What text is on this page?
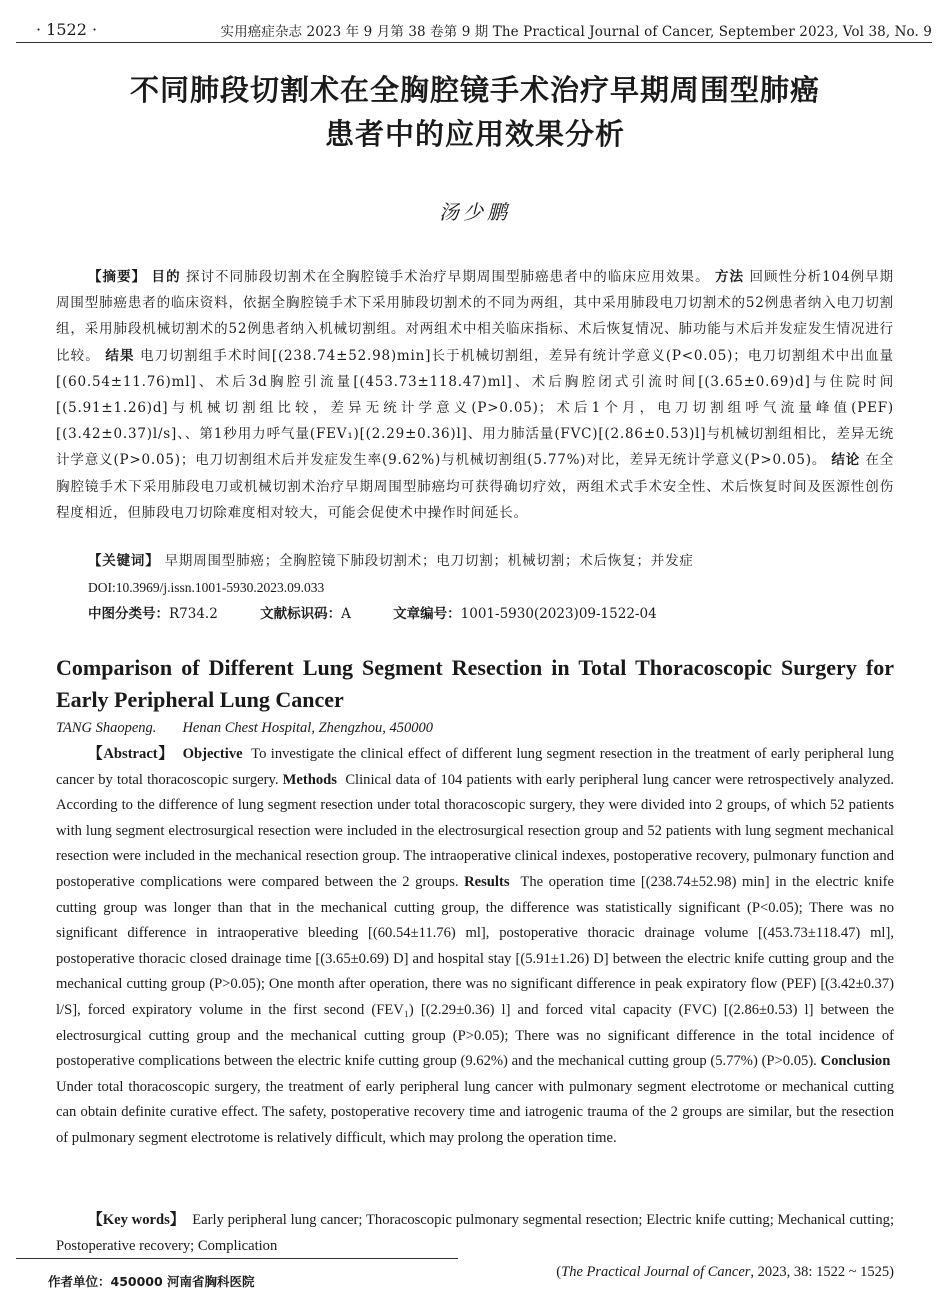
· 1522 ·	实用癌症杂志 2023 年 9 月第 38 卷第 9 期 The Practical Journal of Cancer, September 2023, Vol 38, No. 9
不同肺段切割术在全胸腔镜手术治疗早期周围型肺癌
患者中的应用效果分析
汤少鹏
【摘要】 目的 探讨不同肺段切割术在全胸腔镜手术治疗早期周围型肺癌患者中的临床应用效果。 方法 回顾性分析104例早期周围型肺癌患者的临床资料，依据全胸腔镜手术下采用肺段切割术的不同为两组，其中采用肺段电刀切割术的52例患者纳入电刀切割组，采用肺段机械切割术的52例患者纳入机械切割组。对两组术中相关临床指标、术后恢复情况、肺功能与术后并发症发生情况进行比较。 结果 电刀切割组手术时间[(238.74±52.98)min]长于机械切割组，差异有统计学意义(P<0.05)；电刀切割组术中出血量[(60.54±11.76)ml]、术后3d胸腔引流量[(453.73±118.47)ml]、术后胸腔闭式引流时间[(3.65±0.69)d]与住院时间[(5.91±1.26)d]与机械切割组比较，差异无统计学意义(P>0.05)；术后1个月，电刀切割组呼气流量峰值(PEF)[(3.42±0.37)l/s]、、第1秒用力呼气量(FEV₁)[(2.29±0.36)l]、用力肺活量(FVC)[(2.86±0.53)l]与机械切割组相比，差异无统计学意义(P>0.05)；电刀切割组术后并发症发生率(9.62%)与机械切割组(5.77%)对比，差异无统计学意义(P>0.05)。 结论 在全胸腔镜手术下采用肺段电刀或机械切割术治疗早期周围型肺癌均可获得确切疗效，两组术式手术安全性、术后恢复时间及医源性创伤程度相近，但肺段电刀切除难度相对较大，可能会促使术中操作时间延长。
【关键词】 早期周围型肺癌；全胸腔镜下肺段切割术；电刀切割；机械切割；术后恢复；并发症
DOI:10.3969/j.issn.1001-5930.2023.09.033
中图分类号：R734.2	文献标识码：A	文章编号：1001-5930(2023)09-1522-04
Comparison of Different Lung Segment Resection in Total Thoracoscopic Surgery for Early Peripheral Lung Cancer
TANG Shaopeng. Henan Chest Hospital, Zhengzhou, 450000

【Abstract】 Objective To investigate the clinical effect of different lung segment resection in the treatment of early peripheral lung cancer by total thoracoscopic surgery. Methods Clinical data of 104 patients with early peripheral lung cancer were retrospectively analyzed. According to the difference of lung segment resection under total thoracoscopic surgery, they were divided into 2 groups, of which 52 patients with lung segment electrosurgical resection were included in the electrosurgical resection group and 52 patients with lung segment mechanical resection were included in the mechanical resection group. The intraoperative clinical indexes, postoperative recovery, pulmonary function and postoperative complications were compared between the 2 groups. Results The operation time [(238.74±52.98) min] in the electric knife cutting group was longer than that in the mechanical cutting group, the difference was statistically significant (P<0.05); There was no significant difference in intraoperative bleeding [(60.54±11.76) ml], postoperative thoracic drainage volume [(453.73±118.47) ml], postoperative thoracic closed drainage time [(3.65±0.69) D] and hospital stay [(5.91±1.26) D] between the electric knife cutting group and the mechanical cutting group (P>0.05); One month after operation, there was no significant difference in peak expiratory flow (PEF) [(3.42±0.37) l/S], forced expiratory volume in the first second (FEV₁) [(2.29±0.36) l] and forced vital capacity (FVC) [(2.86±0.53) l] between the electrosurgical cutting group and the mechanical cutting group (P>0.05); There was no significant difference in the total incidence of postoperative complications between the electric knife cutting group (9.62%) and the mechanical cutting group (5.77%) (P>0.05). Conclusion  Under total thoracoscopic surgery, the treatment of early peripheral lung cancer with pulmonary segment electrotome or mechanical cutting can obtain definite curative effect. The safety, postoperative recovery time and iatrogenic trauma of the 2 groups are similar, but the resection of pulmonary segment electrotome is relatively difficult, which may prolong the operation time.

【Key words】 Early peripheral lung cancer; Thoracoscopic pulmonary segmental resection; Electric knife cutting; Mechanical cutting; Postoperative recovery; Complication
作者单位：450000 河南省胸科医院
(The Practical Journal of Cancer, 2023, 38: 1522 ~ 1525)
